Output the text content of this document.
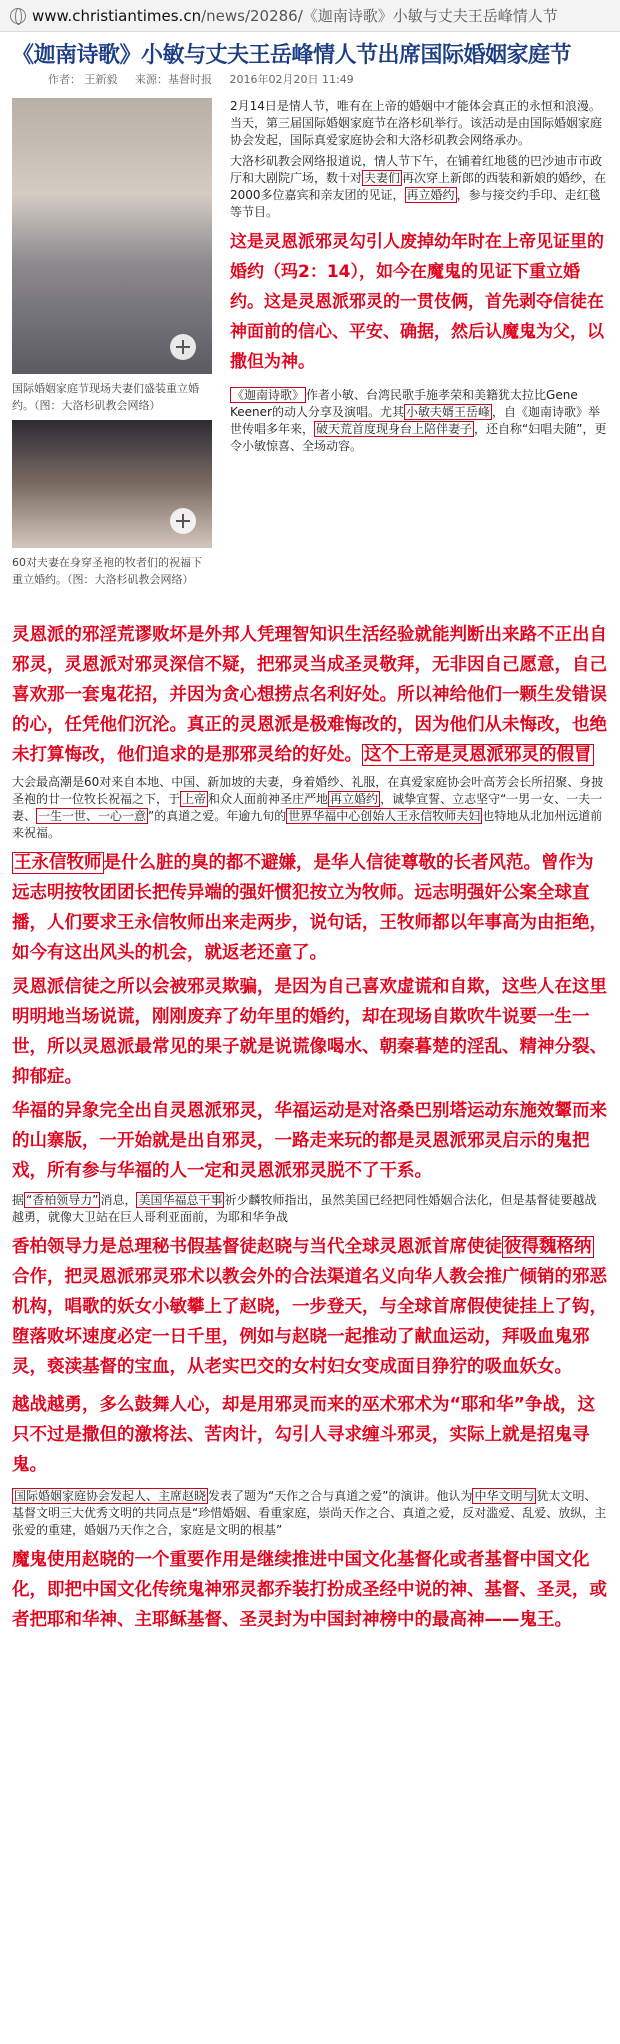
www.christiantimes.cn /news/20286/《迦南诗歌》小敏与丈夫王岳峰情人节
《迦南诗歌》小敏与丈夫王岳峰情人节出席国际婚姻家庭节
作者： 王新毅 来源：基督时报 2016年02月20日 11:49
国际婚姻家庭节现场夫妻们盛装重立婚约。（图：大洛杉矶教会网络）
60对夫妻在身穿圣袍的牧者们的祝福下重立婚约。（图：大洛杉矶教会网络）

2月14日是情人节，唯有在上帝的婚姻中才能体会真正的永恒和浪漫。当天，第三届国际婚姻家庭节在洛杉矶举行。该活动是由国际婚姻家庭协会发起，国际真爱家庭协会和大洛杉矶教会网络承办。

大洛杉矶教会网络报道说，情人节下午，在铺着红地毯的巴沙迪市市政厅和大剧院广场，数十对 夫妻们 再次穿上新郎的西装和新娘的婚纱，在2000多位嘉宾和亲友团的见证， 再立婚约 ，参与接交约手印、走红毯等节目。

这是灵恩派邪灵勾引人废掉幼年时在上帝见证里的婚约（玛2：14），如今在魔鬼的见证下重立婚约。这是灵恩派邪灵的一贯伎俩，首先剥夺信徒在神面前的信心、平安、确据，然后认魔鬼为父，以撒但为神。

《迦南诗歌》 作者小敏、台湾民歌手施孝荣和美籍犹太拉比Gene Keener的动人分享及演唱。尤其 小敏夫婿王岳峰 ，自《迦南诗歌》举世传唱多年来， 破天荒首度现身台上陪伴妻子 ，还自称“妇唱夫随”，更令小敏惊喜、全场动容。

灵恩派的邪淫荒谬败坏是外邦人凭理智知识生活经验就能判断出来路不正出自邪灵，灵恩派对邪灵深信不疑，把邪灵当成圣灵敬拜，无非因自己愿意，自己喜欢那一套鬼花招，并因为贪心想捞点名利好处。所以神给他们一颗生发错误的心，任凭他们沉沦。真正的灵恩派是极难悔改的，因为他们从未悔改，也绝未打算悔改，他们追求的是那邪灵给的好处。 这个上帝是灵恩派邪灵的假冒

大会最高潮是60对来自本地、中国、新加坡的夫妻，身着婚纱、礼服，在真爱家庭协会叶高芳会长所招聚、身披圣袍的廿一位牧长祝福之下，于 上帝 和众人面前神圣庄严地 再立婚约 ，诚挚宣誓、立志坚守“一男一女、一夫一妻、 一生一世、一心一意 ”的真道之爱。年逾九旬的 世界华福中心创始人王永信牧师夫妇 也特地从北加州远道前来祝福。

王永信牧师 是什么脏的臭的都不避嫌，是华人信徒尊敬的长者风范。曾作为远志明按牧团团长把传异端的强奸惯犯按立为牧师。远志明强奸公案全球直播，人们要求王永信牧师出来走两步，说句话，王牧师都以年事高为由拒绝，如今有这出风头的机会，就返老还童了。

灵恩派信徒之所以会被邪灵欺骗，是因为自己喜欢虚谎和自欺，这些人在这里明明地当场说谎，刚刚废弃了幼年里的婚约，却在现场自欺吹牛说要一生一世，所以灵恩派最常见的果子就是说谎像喝水、朝秦暮楚的淫乱、精神分裂、抑郁症。

华福的异象完全出自灵恩派邪灵，华福运动是对洛桑巴别塔运动东施效颦而来的山寨版，一开始就是出自邪灵，一路走来玩的都是灵恩派邪灵启示的鬼把戏，所有参与华福的人一定和灵恩派邪灵脱不了干系。

据 “香柏领导力” 消息， 美国华福总干事 祈少麟牧师指出，虽然美国已经把同性婚姻合法化，但是基督徒要越战越勇，就像大卫站在巨人哥利亚面前，为耶和华争战

香柏领导力是总理秘书假基督徒赵晓与当代全球灵恩派首席使徒 彼得魏格纳合作，把灵恩派邪灵邪术以教会外的合法渠道名义向华人教会推广倾销的邪恶机构，唱歌的妖女小敏攀上了赵晓，一步登天，与全球首席假使徒挂上了钩，堕落败坏速度必定一日千里，例如与赵晓一起推动了献血运动，拜吸血鬼邪灵，亵渎基督的宝血，从老实巴交的女村妇女变成面目狰狞的吸血妖女。

越战越勇，多么鼓舞人心，却是用邪灵而来的巫术邪术为“耶和华”争战，这只不过是撒但的激将法、苦肉计，勾引人寻求缠斗邪灵，实际上就是招鬼寻鬼。

国际婚姻家庭协会发起人、主席赵晓 发表了题为“天作之合与真道之爱”的演讲。他认为 中华文明与 犹太文明、基督文明三大优秀文明的共同点是“珍惜婚姻、看重家庭，崇尚天作之合、真道之爱，反对滥爱、乱爱、放纵，主张爱的重建，婚姻乃天作之合，家庭是文明的根基”

魔鬼使用赵晓的一个重要作用是继续推进中国文化基督化或者基督中国文化化，即把中国文化传统鬼神邪灵都乔装打扮成圣经中说的神、基督、圣灵，或者把耶和华神、主耶稣基督、圣灵封为中国封神榜中的最高神——鬼王。
